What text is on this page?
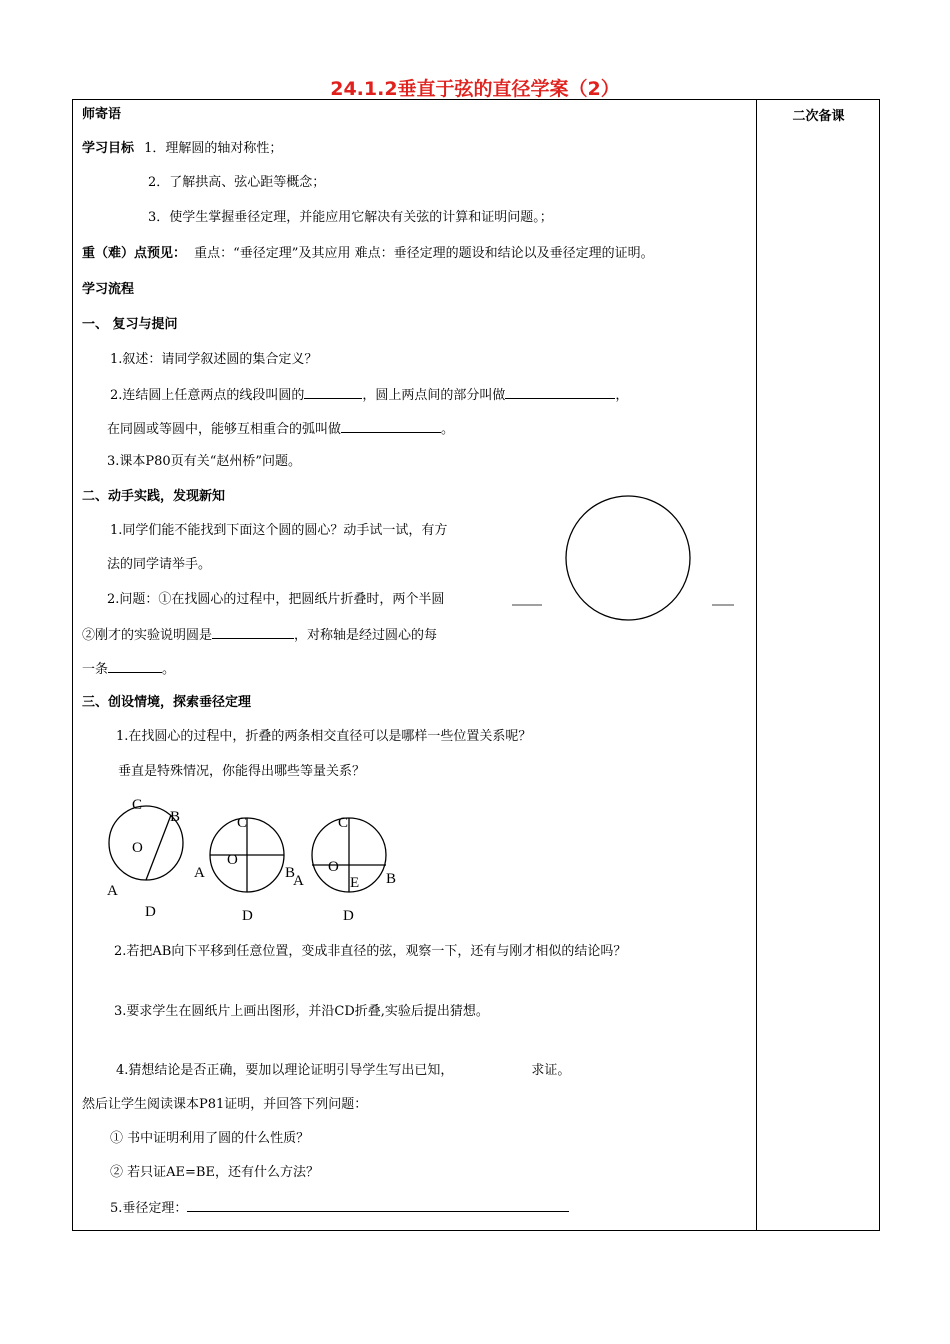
24.1.2垂直于弦的直径学案（2）
二次备课
师寄语
学习目标 1．理解圆的轴对称性；
2．了解拱高、弦心距等概念；
3．使学生掌握垂径定理，并能应用它解决有关弦的计算和证明问题。；
重（难）点预见： 重点：“垂径定理”及其应用 难点：垂径定理的题设和结论以及垂径定理的证明。
学习流程
一、 复习与提问
1.叙述：请同学叙述圆的集合定义？
2.连结圆上任意两点的线段叫圆的	，圆上两点间的部分叫做	，
在同圆或等圆中，能够互相重合的弧叫做	。
3.课本P80页有关“赵州桥”问题。
二、动手实践，发现新知
1.同学们能不能找到下面这个圆的圆心？动手试一试，有方
法的同学请举手。
2.问题：①在找圆心的过程中，把圆纸片折叠时，两个半圆
②刚才的实验说明圆是	，对称轴是经过圆心的每
一条	。
三、创设情境，探索垂径定理
1.在找圆心的过程中，折叠的两条相交直径可以是哪样一些位置关系呢？
垂直是特殊情况，你能得出哪些等量关系？
C
B
O
A
D
C
O
A	B
D
C
O
A	E B
D
2.若把AB向下平移到任意位置，变成非直径的弦，观察一下，还有与刚才相似的结论吗？
3.要求学生在圆纸片上画出图形，并沿CD折叠,实验后提出猜想。
4.猜想结论是否正确，要加以理论证明引导学生写出已知，	求证。
然后让学生阅读课本P81证明，并回答下列问题：
① 书中证明利用了圆的什么性质？
② 若只证AE=BE，还有什么方法？
5.垂径定理：
